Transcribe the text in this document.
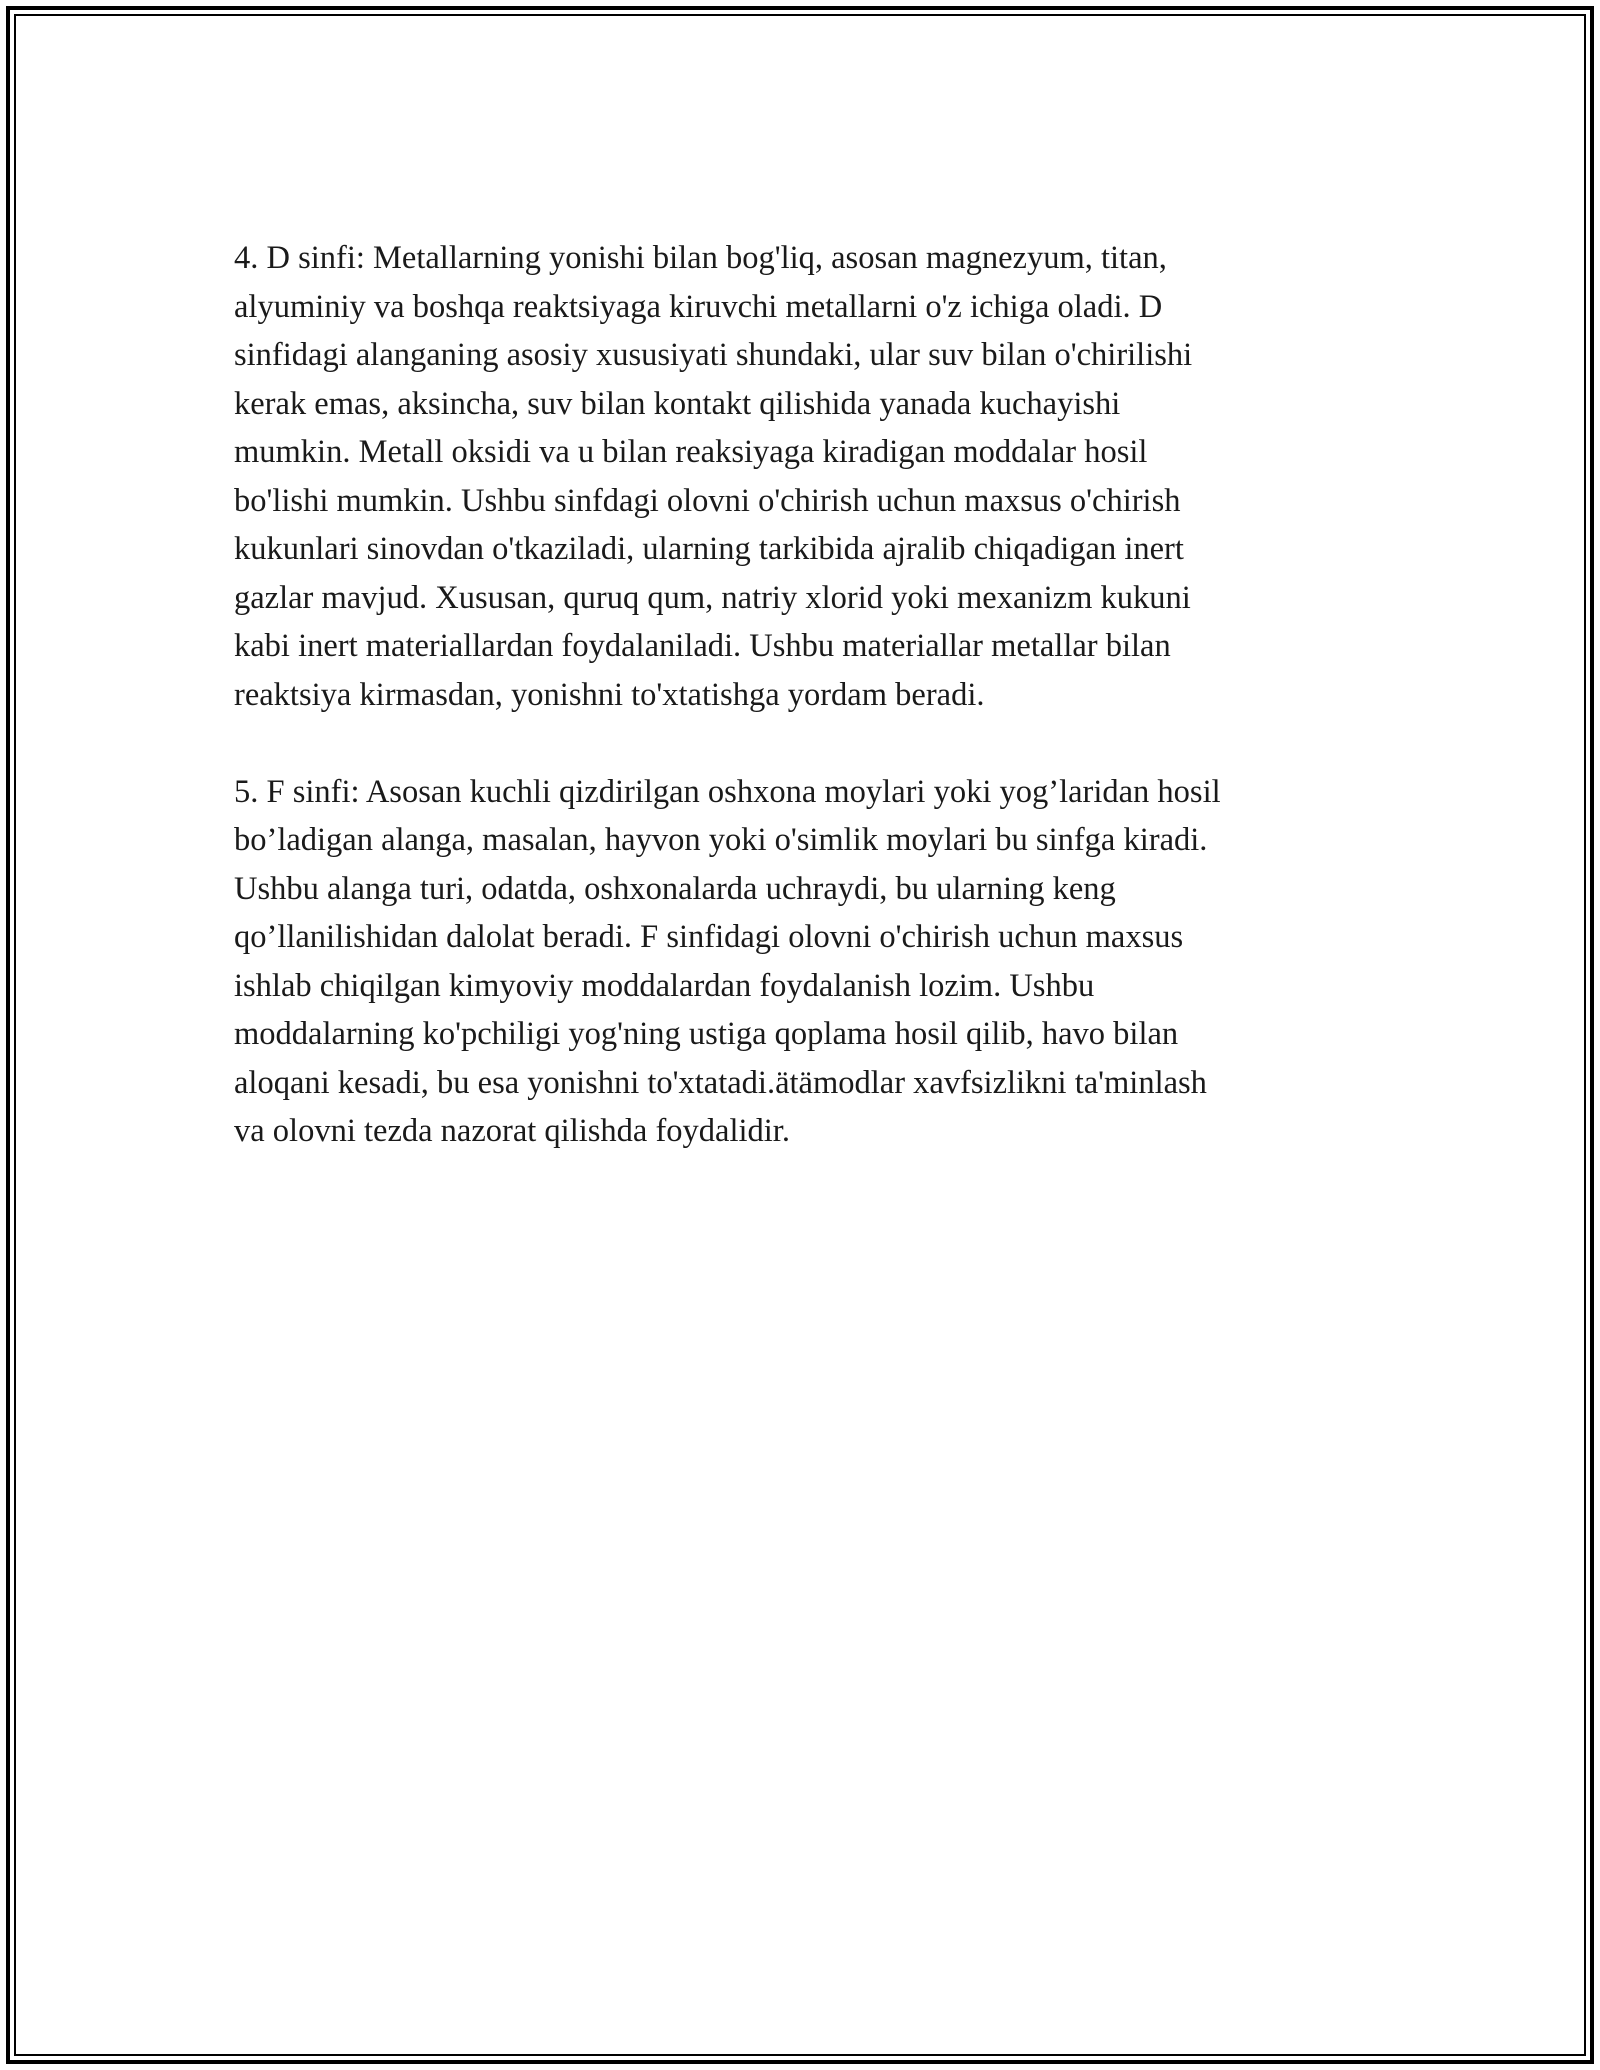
4. D sinfi: Metallarning yonishi bilan bog'liq, asosan magnezyum, titan,
alyuminiy va boshqa reaktsiyaga kiruvchi metallarni o'z ichiga oladi. D
sinfidagi alanganing asosiy xususiyati shundaki, ular suv bilan o'chirilishi
kerak emas, aksincha, suv bilan kontakt qilishida yanada kuchayishi
mumkin. Metall oksidi va u bilan reaksiyaga kiradigan moddalar hosil
bo'lishi mumkin. Ushbu sinfdagi olovni o'chirish uchun maxsus o'chirish
kukunlari sinovdan o'tkaziladi, ularning tarkibida ajralib chiqadigan inert
gazlar mavjud. Xususan, quruq qum, natriy xlorid yoki mexanizm kukuni
kabi inert materiallardan foydalaniladi. Ushbu materiallar metallar bilan
reaktsiya kirmasdan, yonishni to'xtatishga yordam beradi.

5. F sinfi: Asosan kuchli qizdirilgan oshxona moylari yoki yog’laridan hosil
bo’ladigan alanga, masalan, hayvon yoki o'simlik moylari bu sinfga kiradi.
Ushbu alanga turi, odatda, oshxonalarda uchraydi, bu ularning keng
qo’llanilishidan dalolat beradi. F sinfidagi olovni o'chirish uchun maxsus
ishlab chiqilgan kimyoviy moddalardan foydalanish lozim. Ushbu
moddalarning ko'pchiligi yog'ning ustiga qoplama hosil qilib, havo bilan
aloqani kesadi, bu esa yonishni to'xtatadi.ätämodlar xavfsizlikni ta'minlash
va olovni tezda nazorat qilishda foydalidir.
